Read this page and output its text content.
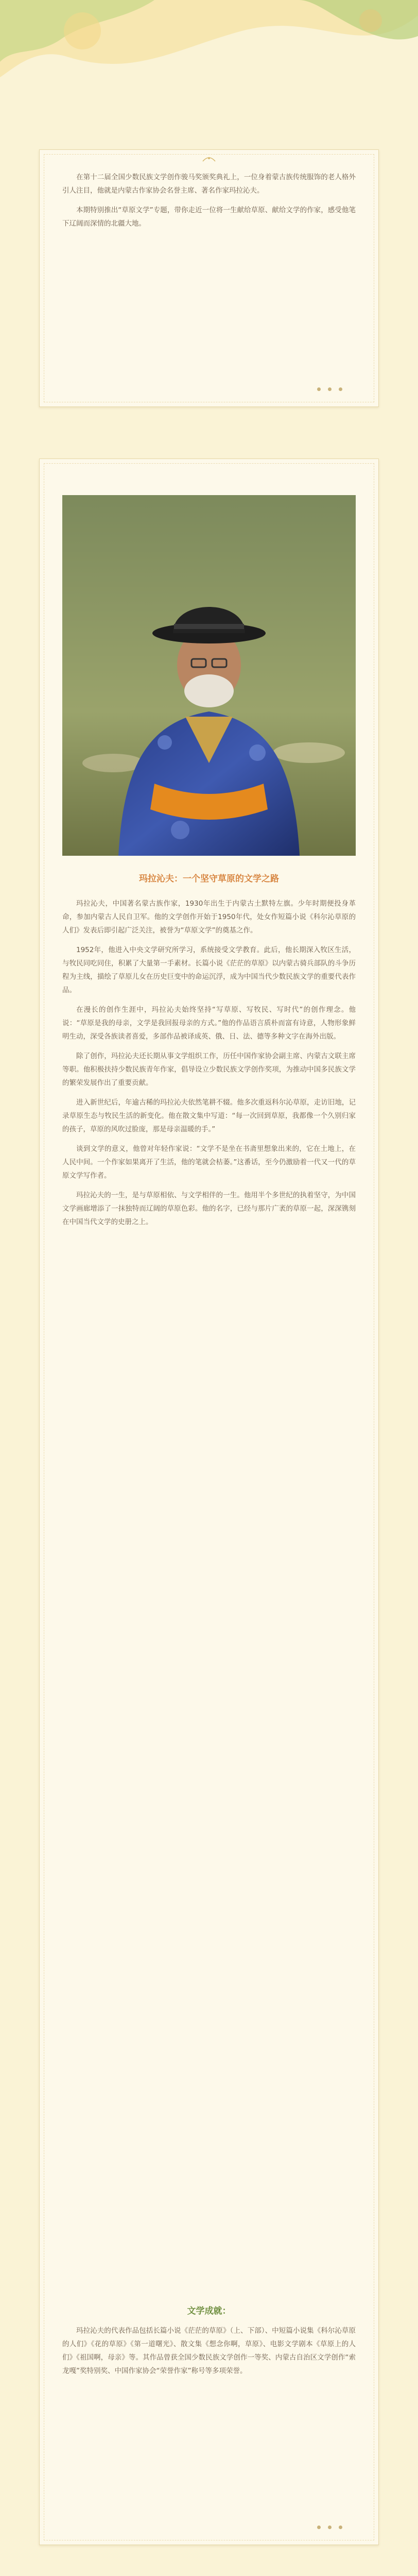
在第十二届全国少数民族文学创作骏马奖颁奖典礼上，一位身着蒙古族传统服饰的老人格外引人注目，他就是内蒙古作家协会名誉主席、著名作家玛拉沁夫。

本期特别推出“草原文学”专题，带你走近一位将一生献给草原、献给文学的作家，感受他笔下辽阔而深情的北疆大地。

玛拉沁夫：一个坚守草原的文学之路

玛拉沁夫，中国著名蒙古族作家，1930年出生于内蒙古土默特左旗。少年时期便投身革命，参加内蒙古人民自卫军。他的文学创作开始于1950年代，处女作短篇小说《科尔沁草原的人们》发表后即引起广泛关注，被誉为“草原文学”的奠基之作。

1952年，他进入中央文学研究所学习，系统接受文学教育。此后，他长期深入牧区生活，与牧民同吃同住，积累了大量第一手素材。长篇小说《茫茫的草原》以内蒙古骑兵部队的斗争历程为主线，描绘了草原儿女在历史巨变中的命运沉浮，成为中国当代少数民族文学的重要代表作品。

在漫长的创作生涯中，玛拉沁夫始终坚持“写草原、写牧民、写时代”的创作理念。他说：“草原是我的母亲，文学是我回报母亲的方式。”他的作品语言质朴而富有诗意，人物形象鲜明生动，深受各族读者喜爱，多部作品被译成英、俄、日、法、德等多种文字在海外出版。

除了创作，玛拉沁夫还长期从事文学组织工作，历任中国作家协会副主席、内蒙古文联主席等职。他积极扶持少数民族青年作家，倡导设立少数民族文学创作奖项，为推动中国多民族文学的繁荣发展作出了重要贡献。

进入新世纪后，年逾古稀的玛拉沁夫依然笔耕不辍。他多次重返科尔沁草原，走访旧地，记录草原生态与牧民生活的新变化。他在散文集中写道：“每一次回到草原，我都像一个久别归家的孩子，草原的风吹过脸庞，那是母亲温暖的手。”

谈到文学的意义，他曾对年轻作家说：“文学不是坐在书斋里想象出来的，它在土地上，在人民中间。一个作家如果离开了生活，他的笔就会枯萎。”这番话，至今仍激励着一代又一代的草原文学写作者。

玛拉沁夫的一生，是与草原相依、与文学相伴的一生。他用半个多世纪的执着坚守，为中国文学画廊增添了一抹独特而辽阔的草原色彩。他的名字，已经与那片广袤的草原一起，深深镌刻在中国当代文学的史册之上。

文学成就：

玛拉沁夫的代表作品包括长篇小说《茫茫的草原》（上、下部）、中短篇小说集《科尔沁草原的人们》《花的草原》《第一道曙光》、散文集《想念你啊，草原》、电影文学剧本《草原上的人们》《祖国啊，母亲》等。其作品曾获全国少数民族文学创作一等奖、内蒙古自治区文学创作“索龙嘎”奖特别奖、中国作家协会“荣誉作家”称号等多项荣誉。
